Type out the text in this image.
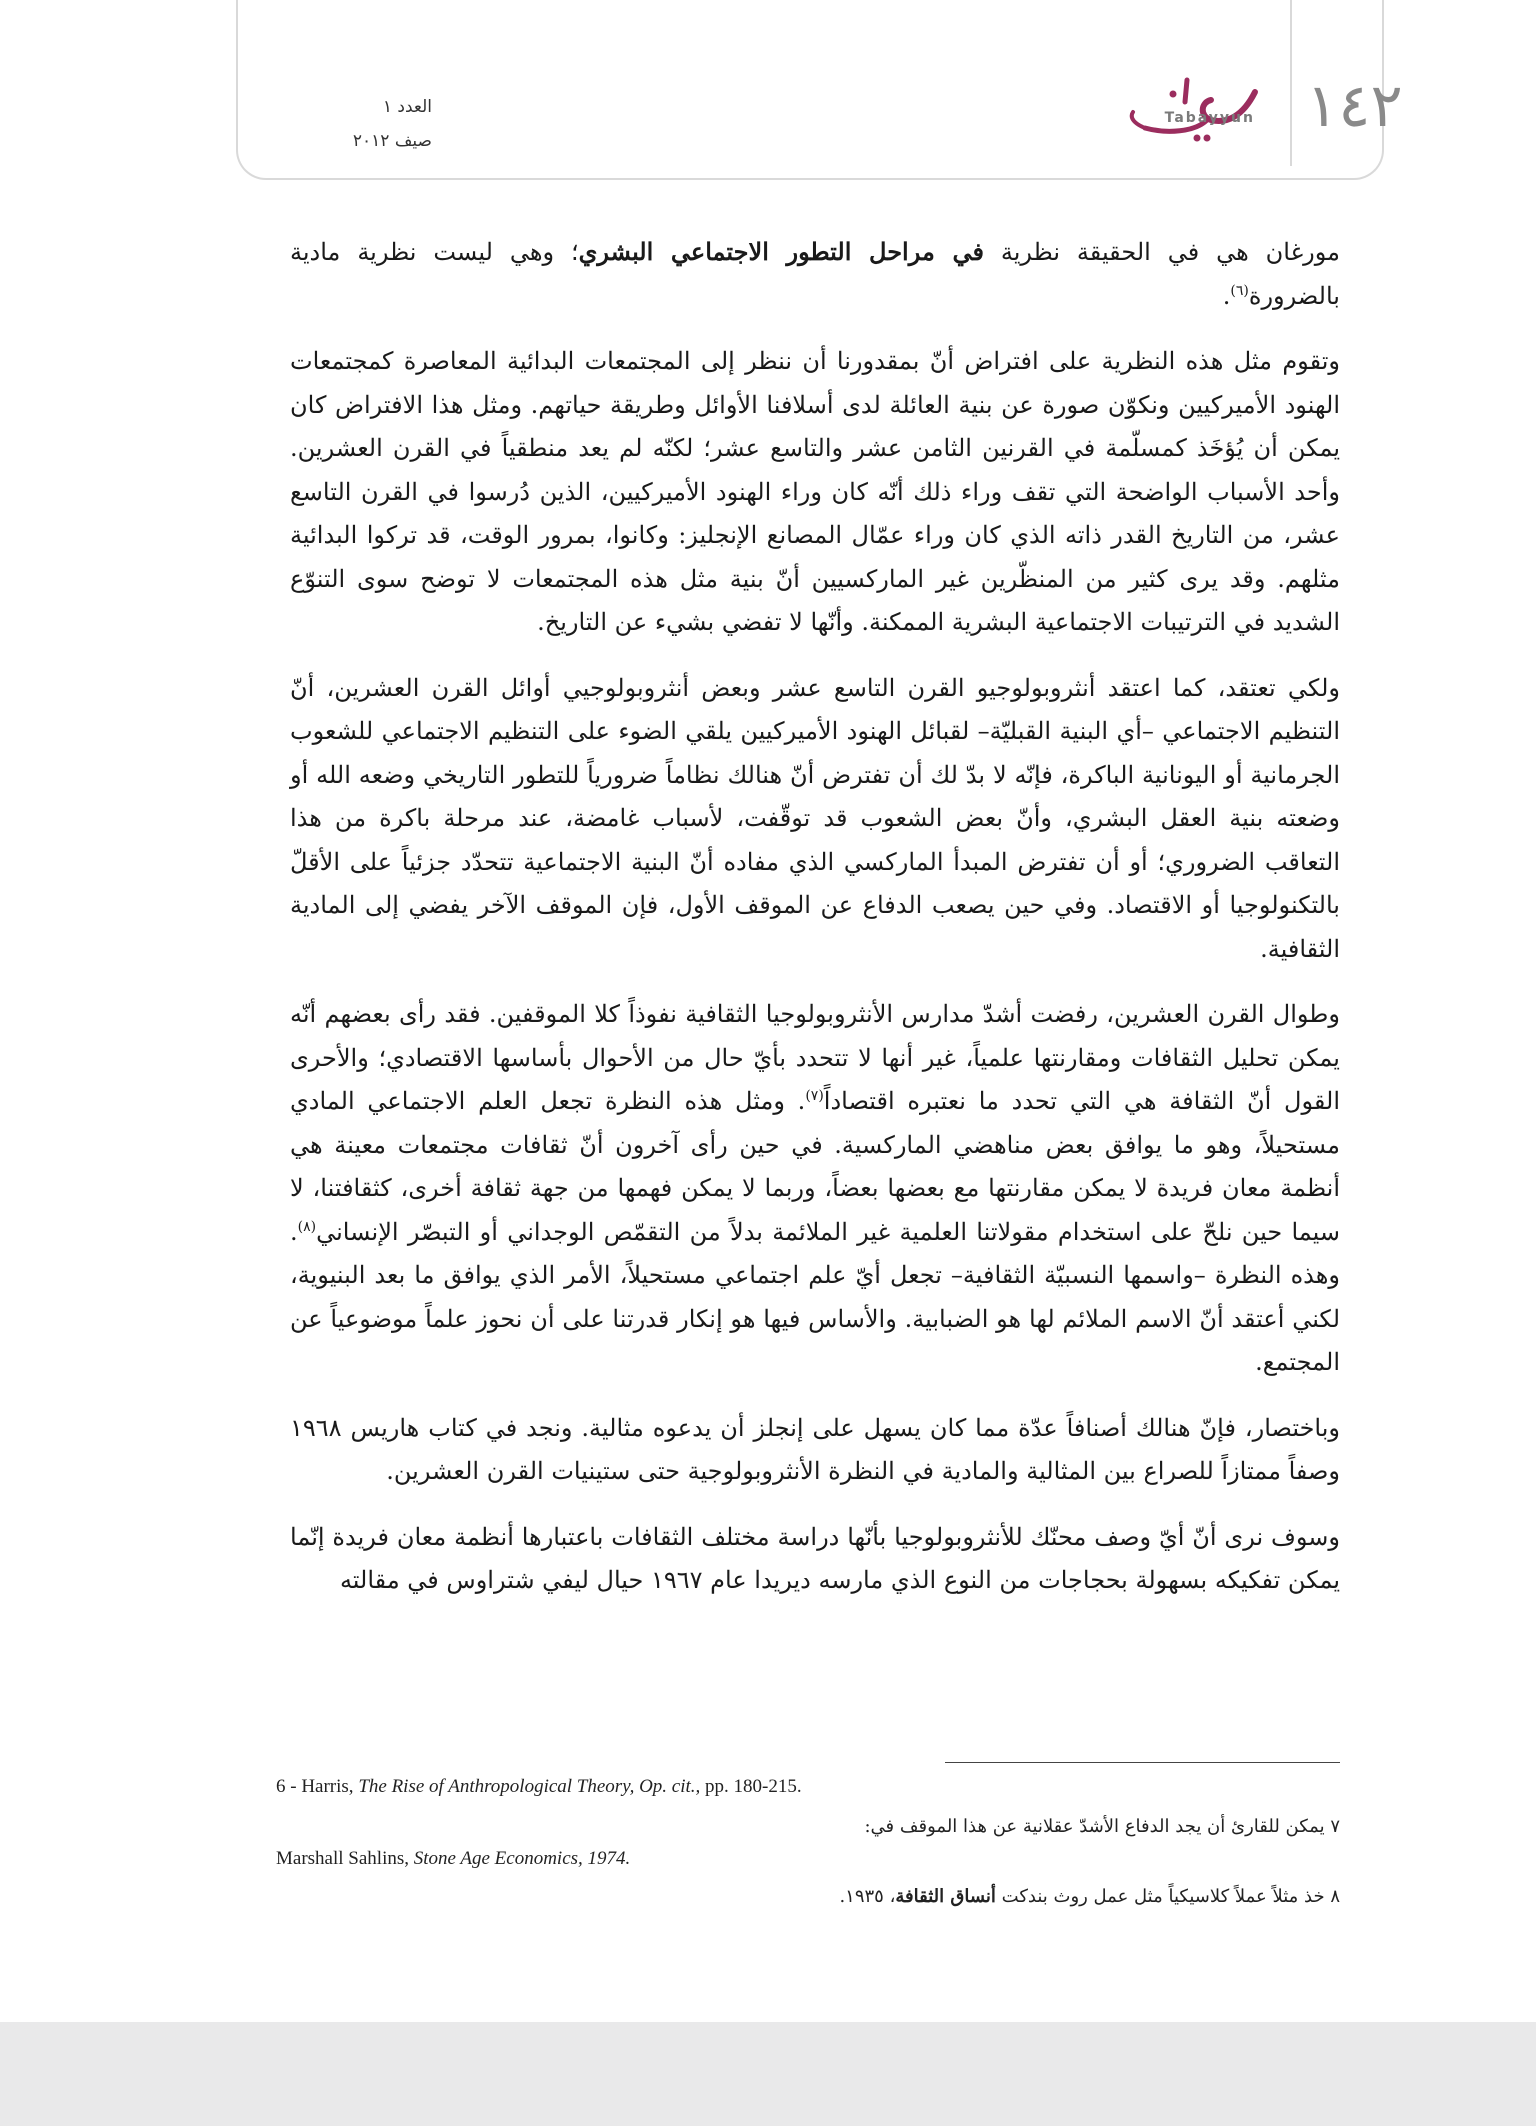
العدد ١
صيف ٢٠١٢	١٤٢
Tabayyun

مورغان هي في الحقيقة نظرية في مراحل التطور الاجتماعي البشري؛ وهي ليست نظرية مادية بالضرورة$^{(٦)}$.

وتقوم مثل هذه النظرية على افتراض أنّ بمقدورنا أن ننظر إلى المجتمعات البدائية المعاصرة كمجتمعات الهنود الأميركيين ونكوّن صورة عن بنية العائلة لدى أسلافنا الأوائل وطريقة حياتهم. ومثل هذا الافتراض كان يمكن أن يُؤخَذ كمسلّمة في القرنين الثامن عشر والتاسع عشر؛ لكنّه لم يعد منطقياً في القرن العشرين. وأحد الأسباب الواضحة التي تقف وراء ذلك أنّه كان وراء الهنود الأميركيين، الذين دُرسوا في القرن التاسع عشر، من التاريخ القدر ذاته الذي كان وراء عمّال المصانع الإنجليز: وكانوا، بمرور الوقت، قد تركوا البدائية مثلهم. وقد يرى كثير من المنظّرين غير الماركسيين أنّ بنية مثل هذه المجتمعات لا توضح سوى التنوّع الشديد في الترتيبات الاجتماعية البشرية الممكنة. وأنّها لا تفضي بشيء عن التاريخ.

ولكي تعتقد، كما اعتقد أنثروبولوجيو القرن التاسع عشر وبعض أنثروبولوجيي أوائل القرن العشرين، أنّ التنظيم الاجتماعي –أي البنية القبليّة– لقبائل الهنود الأميركيين يلقي الضوء على التنظيم الاجتماعي للشعوب الجرمانية أو اليونانية الباكرة، فإنّه لا بدّ لك أن تفترض أنّ هنالك نظاماً ضرورياً للتطور التاريخي وضعه الله أو وضعته بنية العقل البشري، وأنّ بعض الشعوب قد توقّفت، لأسباب غامضة، عند مرحلة باكرة من هذا التعاقب الضروري؛ أو أن تفترض المبدأ الماركسي الذي مفاده أنّ البنية الاجتماعية تتحدّد جزئياً على الأقلّ بالتكنولوجيا أو الاقتصاد. وفي حين يصعب الدفاع عن الموقف الأول، فإن الموقف الآخر يفضي إلى المادية الثقافية.

وطوال القرن العشرين، رفضت أشدّ مدارس الأنثروبولوجيا الثقافية نفوذاً كلا الموقفين. فقد رأى بعضهم أنّه يمكن تحليل الثقافات ومقارنتها علمياً، غير أنها لا تتحدد بأيّ حال من الأحوال بأساسها الاقتصادي؛ والأحرى القول أنّ الثقافة هي التي تحدد ما نعتبره اقتصاداً$^{(٧)}$. ومثل هذه النظرة تجعل العلم الاجتماعي المادي مستحيلاً، وهو ما يوافق بعض مناهضي الماركسية. في حين رأى آخرون أنّ ثقافات مجتمعات معينة هي أنظمة معان فريدة لا يمكن مقارنتها مع بعضها بعضاً، وربما لا يمكن فهمها من جهة ثقافة أخرى، كثقافتنا، لا سيما حين نلحّ على استخدام مقولاتنا العلمية غير الملائمة بدلاً من التقمّص الوجداني أو التبصّر الإنساني$^{(٨)}$. وهذه النظرة –واسمها النسبيّة الثقافية– تجعل أيّ علم اجتماعي مستحيلاً، الأمر الذي يوافق ما بعد البنيوية، لكني أعتقد أنّ الاسم الملائم لها هو الضبابية. والأساس فيها هو إنكار قدرتنا على أن نحوز علماً موضوعياً عن المجتمع.

وباختصار، فإنّ هنالك أصنافاً عدّة مما كان يسهل على إنجلز أن يدعوه مثالية. ونجد في كتاب هاريس ١٩٦٨ وصفاً ممتازاً للصراع بين المثالية والمادية في النظرة الأنثروبولوجية حتى ستينيات القرن العشرين.

وسوف نرى أنّ أيّ وصف محنّك للأنثروبولوجيا بأنّها دراسة مختلف الثقافات باعتبارها أنظمة معان فريدة إنّما يمكن تفكيكه بسهولة بحجاجات من النوع الذي مارسه ديريدا عام ١٩٦٧ حيال ليفي شتراوس في مقالته

6 - Harris, The Rise of Anthropological Theory, Op. cit., pp. 180-215.
٧ يمكن للقارئ أن يجد الدفاع الأشدّ عقلانية عن هذا الموقف في:
Marshall Sahlins, Stone Age Economics, 1974.
٨ خذ مثلاً عملاً كلاسيكياً مثل عمل روث بندكت أنساق الثقافة، ١٩٣٥.
